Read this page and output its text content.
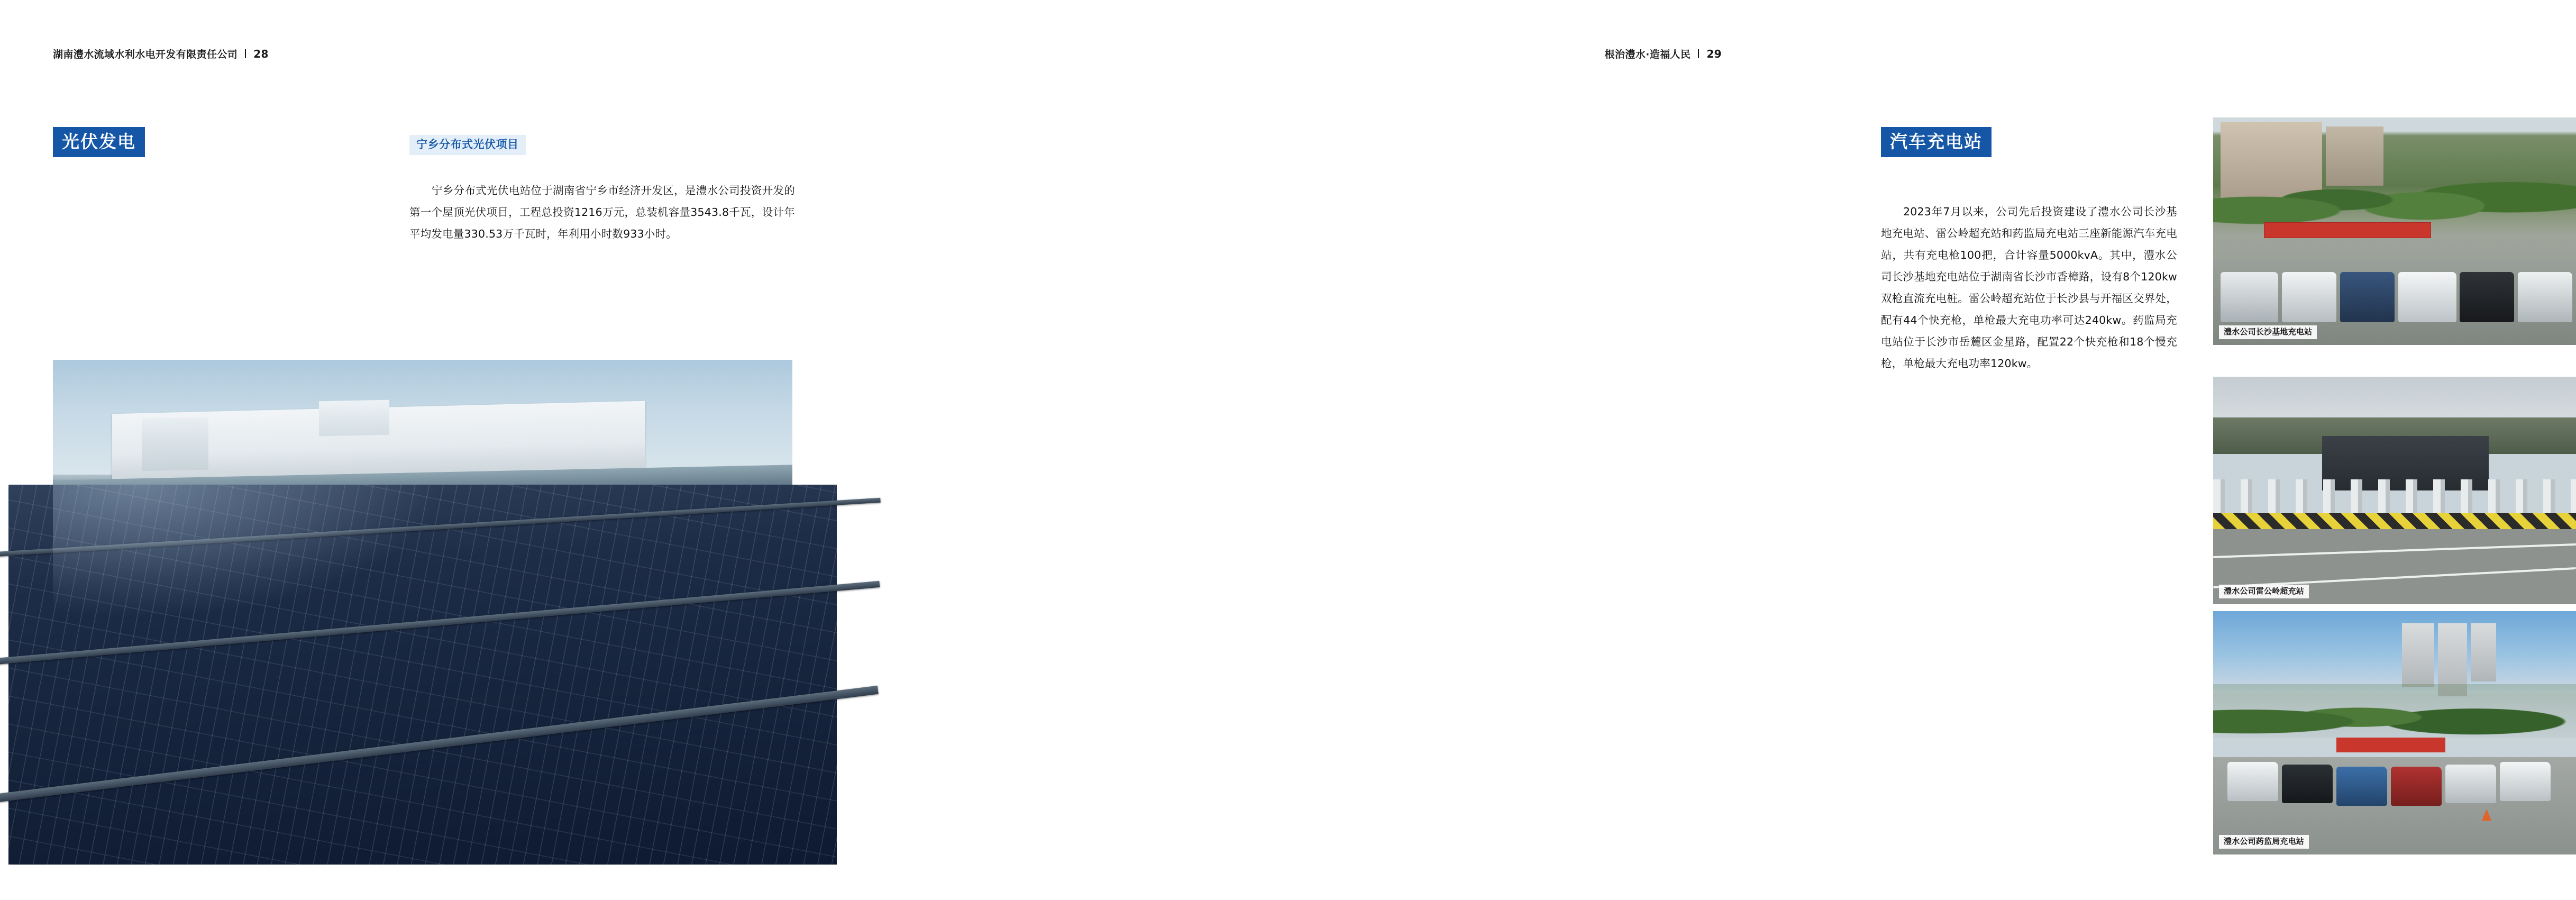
湖南澧水流域水利水电开发有限责任公司 28
光伏发电	宁乡分布式光伏项目
宁乡分布式光伏电站位于湖南省宁乡市经济开发区，是澧水公司投资开发的第一个屋顶光伏项目，工程总投资1216万元，总装机容量3543.8千瓦，设计年平均发电量330.53万千瓦时，年利用小时数933小时。
根治澧水·造福人民 29
汽车充电站
2023年7月以来，公司先后投资建设了澧水公司长沙基地充电站、雷公岭超充站和药监局充电站三座新能源汽车充电站，共有充电枪100把，合计容量5000kvA。其中，澧水公司长沙基地充电站位于湖南省长沙市香樟路，设有8个120kw双枪直流充电桩。雷公岭超充站位于长沙县与开福区交界处，配有44个快充枪，单枪最大充电功率可达240kw。药监局充电站位于长沙市岳麓区金星路，配置22个快充枪和18个慢充枪，单枪最大充电功率120kw。
澧水公司长沙基地充电站
澧水公司雷公岭超充站
澧水公司药监局充电站
